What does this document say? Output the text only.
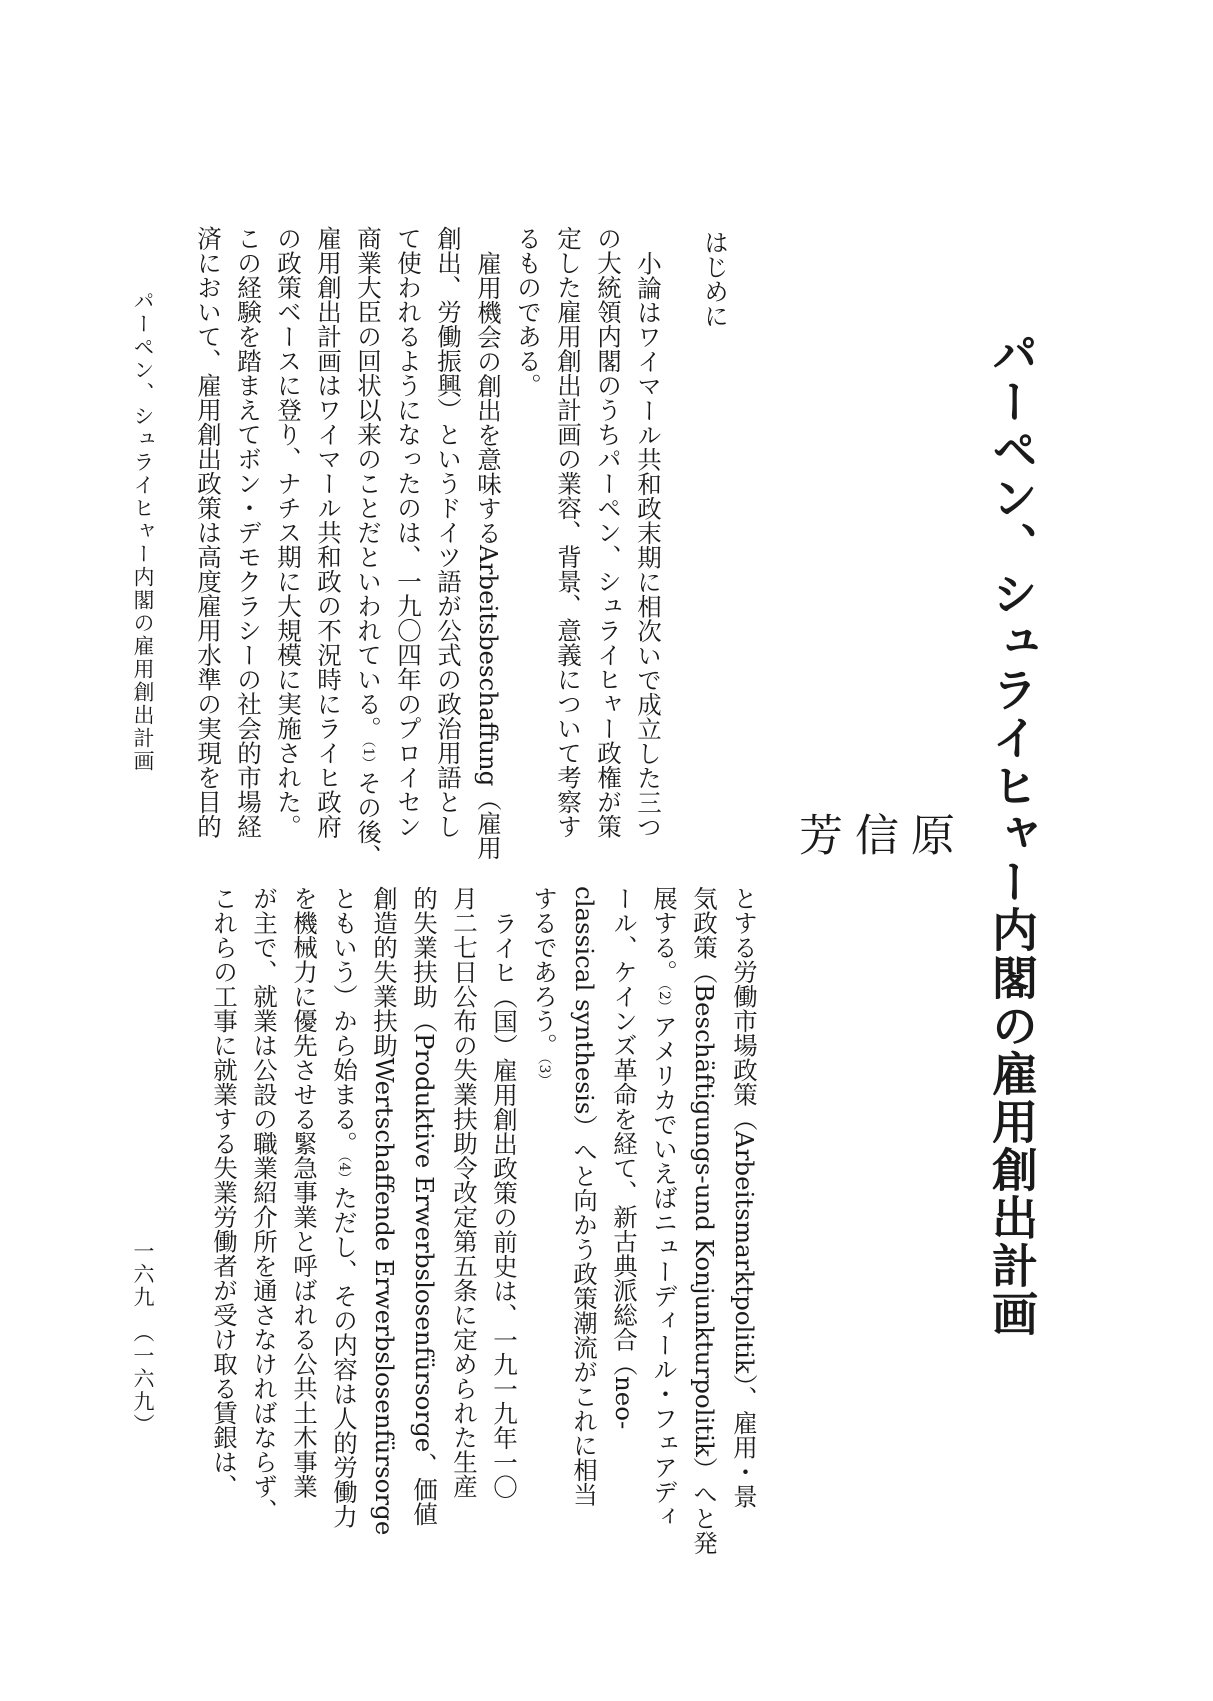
パーペン、シュライヒャー内閣の雇用創出計画
原
信
芳
はじめに
小論はワイマール共和政末期に相次いで成立した三つ
の大統領内閣のうちパーペン、シュライヒャー政権が策
定した雇用創出計画の業容、背景、意義について考察す
るものである。
雇用機会の創出を意味するArbeitsbeschaffung（雇用
創出、労働振興）というドイツ語が公式の政治用語とし
て使われるようになったのは、一九〇四年のプロイセン
商業大臣の回状以来のことだといわれている。（1）その後、
雇用創出計画はワイマール共和政の不況時にライヒ政府
の政策ベースに登り、ナチス期に大規模に実施された。
この経験を踏まえてボン・デモクラシーの社会的市場経
済において、雇用創出政策は高度雇用水準の実現を目的
とする労働市場政策（Arbeitsmarktpolitik）、雇用・景
気政策（Beschäftigungs-und Konjunkturpolitik）へと発
展する。（2）アメリカでいえばニューディール・フェアディ
ール、ケインズ革命を経て、新古典派総合（neo-
classical synthesis）へと向かう政策潮流がこれに相当
するであろう。（3）
ライヒ（国）雇用創出政策の前史は、一九一九年一〇
月二七日公布の失業扶助令改定第五条に定められた生産
的失業扶助（Produktive Erwerbslosenfürsorge、価値
創造的失業扶助Wertschaffende Erwerbslosenfürsorge
ともいう）から始まる。（4）ただし、その内容は人的労働力
を機械力に優先させる緊急事業と呼ばれる公共土木事業
が主で、就業は公設の職業紹介所を通さなければならず、
これらの工事に就業する失業労働者が受け取る賃銀は、
パーペン、シュライヒャー内閣の雇用創出計画
一六九　（一六九）
